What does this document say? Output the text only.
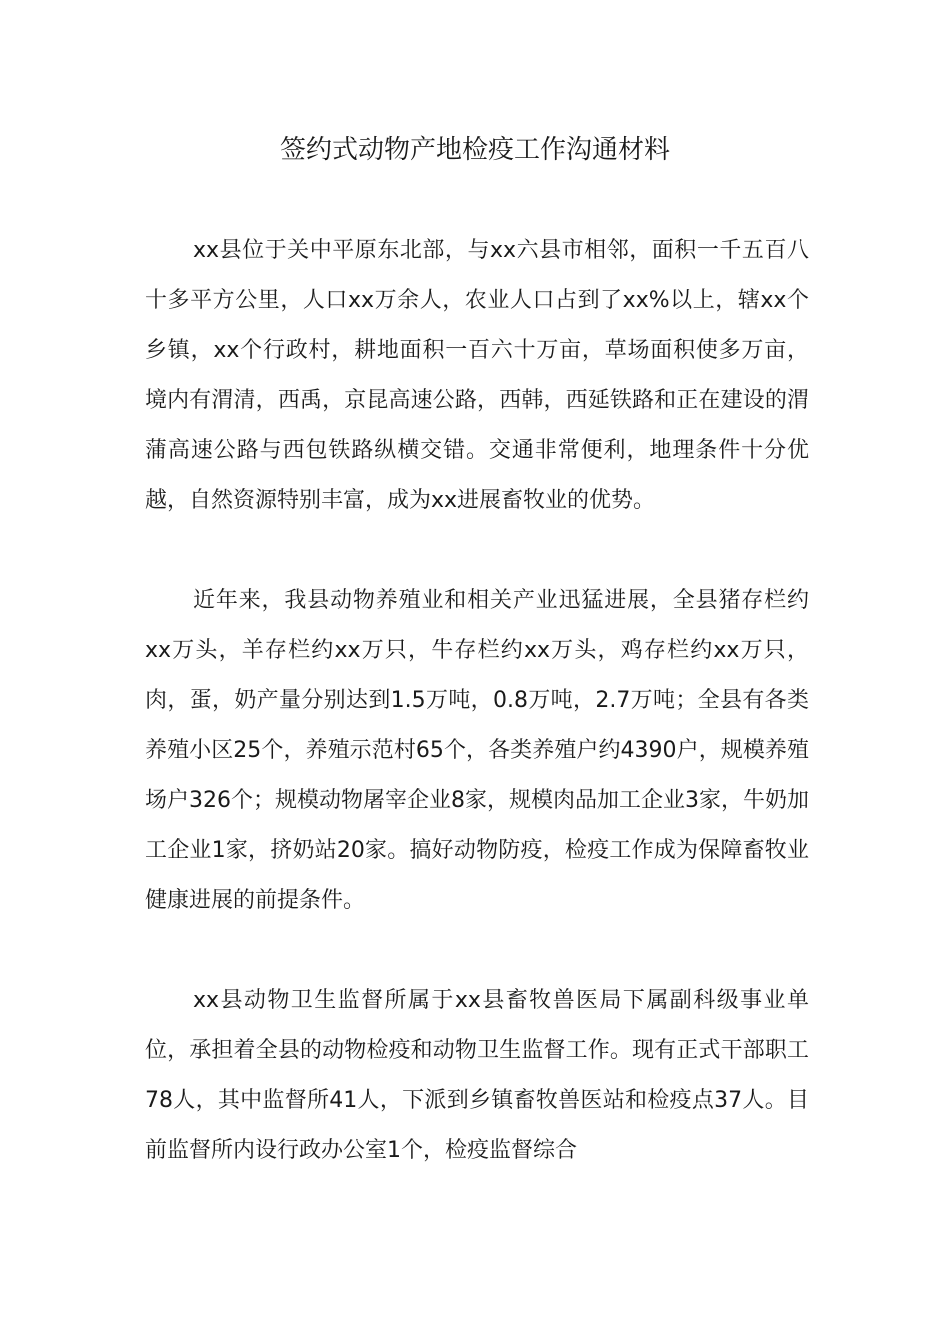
签约式动物产地检疫工作沟通材料

xx县位于关中平原东北部，与xx六县市相邻，面积一千五百八十多平方公里，人口xx万余人，农业人口占到了xx%以上，辖xx个乡镇，xx个行政村，耕地面积一百六十万亩，草场面积使多万亩，境内有渭清，西禹，京昆高速公路，西韩，西延铁路和正在建设的渭蒲高速公路与西包铁路纵横交错。交通非常便利，地理条件十分优越，自然资源特别丰富，成为xx进展畜牧业的优势。

近年来，我县动物养殖业和相关产业迅猛进展，全县猪存栏约xx万头，羊存栏约xx万只，牛存栏约xx万头，鸡存栏约xx万只，肉，蛋，奶产量分别达到1.5万吨，0.8万吨，2.7万吨；全县有各类养殖小区25个，养殖示范村65个，各类养殖户约4390户，规模养殖场户326个；规模动物屠宰企业8家，规模肉品加工企业3家，牛奶加工企业1家，挤奶站20家。搞好动物防疫，检疫工作成为保障畜牧业健康进展的前提条件。

xx县动物卫生监督所属于xx县畜牧兽医局下属副科级事业单位，承担着全县的动物检疫和动物卫生监督工作。现有正式干部职工78人，其中监督所41人，下派到乡镇畜牧兽医站和检疫点37人。目前监督所内设行政办公室1个，检疫监督综合
